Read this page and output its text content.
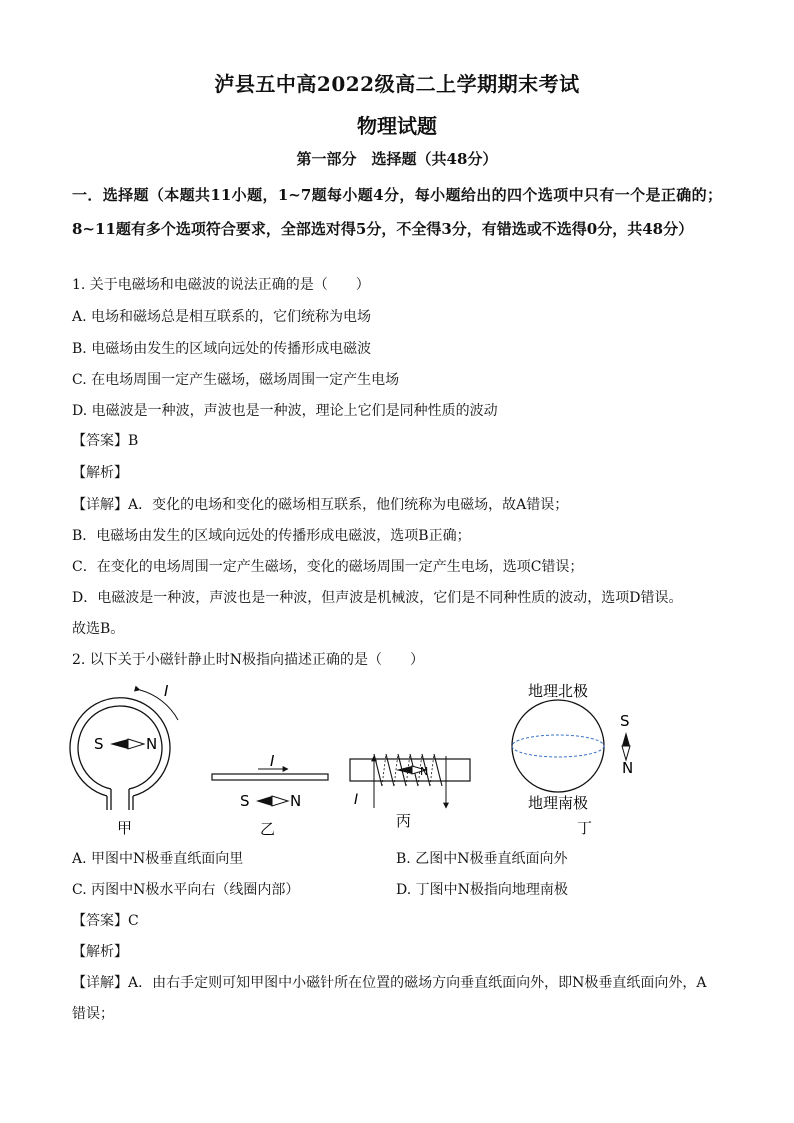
泸县五中高2022级高二上学期期末考试
物理试题
第一部分　选择题（共48分）
一．选择题（本题共11小题，1~7题每小题4分，每小题给出的四个选项中只有一个是正确的；8~11题有多个选项符合要求，全部选对得5分，不全得3分，有错选或不选得0分，共48分）
1. 关于电磁场和电磁波的说法正确的是（　　）
A. 电场和磁场总是相互联系的，它们统称为电场
B. 电磁场由发生的区域向远处的传播形成电磁波
C. 在电场周围一定产生磁场，磁场周围一定产生电场
D. 电磁波是一种波，声波也是一种波，理论上它们是同种性质的波动
【答案】B
【解析】
【详解】A．变化的电场和变化的磁场相互联系，他们统称为电磁场，故A错误；
B．电磁场由发生的区域向远处的传播形成电磁波，选项B正确；
C．在变化的电场周围一定产生磁场，变化的磁场周围一定产生电场，选项C错误；
D．电磁波是一种波，声波也是一种波，但声波是机械波，它们是不同种性质的波动，选项D错误。
故选B。
2. 以下关于小磁针静止时N极指向描述正确的是（　　）
I
S	N
甲
I
S	N
乙
I
N
丙
地理北极
地理南极
丁
S
N
A. 甲图中N极垂直纸面向里	B. 乙图中N极垂直纸面向外
C. 丙图中N极水平向右（线圈内部）	D. 丁图中N极指向地理南极
【答案】C
【解析】
【详解】A．由右手定则可知甲图中小磁针所在位置的磁场方向垂直纸面向外，即N极垂直纸面向外，A
错误；
